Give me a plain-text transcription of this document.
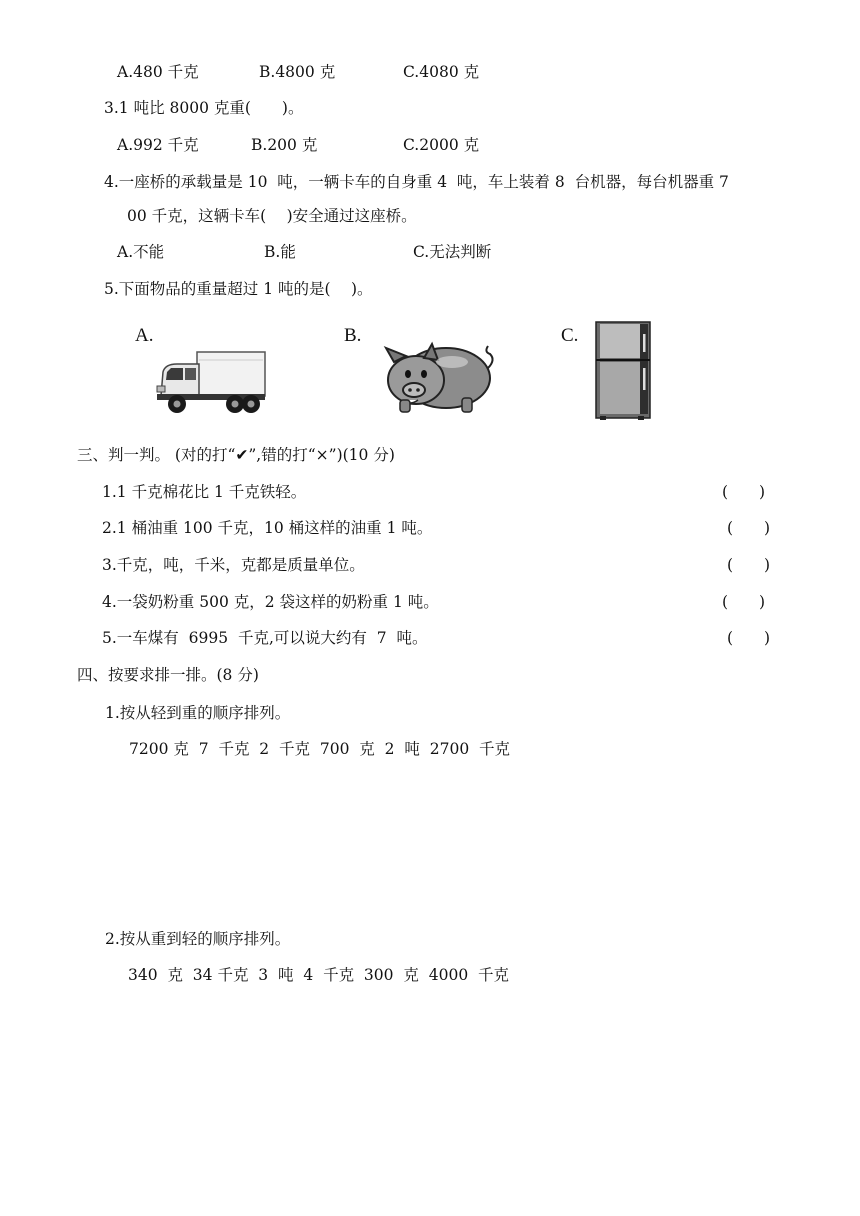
A.480 千克	B.4800 克	C.4080 克
3.1 吨比 8000 克重(　　)。
A.992 千克	B.200 克	C.2000 克
4.一座桥的承载量是 10  吨，一辆卡车的自身重 4  吨，车上装着 8  台机器，每台机器重 7
00 千克，这辆卡车(　 )安全通过这座桥。
A.不能	B.能	C.无法判断
5.下面物品的重量超过 1 吨的是(　 )。
A.	B.	C.
三、判一判。 (对的打“✔”,错的打“×”)(10 分)
1.1 千克棉花比 1 千克铁轻。	(　　)
2.1 桶油重 100 千克，10 桶这样的油重 1 吨。	(　　)
3.千克，吨，千米，克都是质量单位。	(　　)
4.一袋奶粉重 500 克，2 袋这样的奶粉重 1 吨。	(　　)
5.一车煤有  6995  千克,可以说大约有  7  吨。	(　　)
四、按要求排一排。(8 分)
1.按从轻到重的顺序排列。
7200 克  7  千克  2  千克  700  克  2  吨  2700  千克
2.按从重到轻的顺序排列。
340  克  34 千克  3  吨  4  千克  300  克  4000  千克
